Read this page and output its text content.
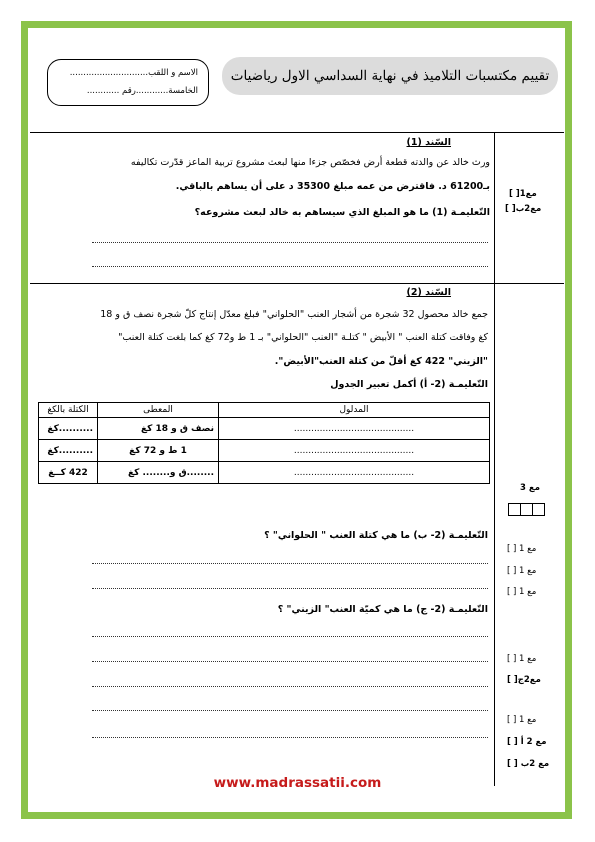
تقييم مكتسبات التلاميذ في نهاية السداسي الاول رياضيات
الاسم و اللقب.............................
الخامسة............رقم ............
السّند (1)
ورث خالد عن والدته قطعة أرض فخصّص جزءا منها لبعث مشروع تربية الماعز قدّرت تكاليفه
بـ61200 د. فاقترض من عمه مبلغ 35300 د على أن يساهم بالباقي.
التّعليمـة (1) ما هو المبلغ الذي سيساهم به خالد لبعث مشروعه؟
مع1[ ]
مع2ب[ ]
السّند (2)
جمع خالد محصول 32 شجرة من أشجار العنب "الحلواني" فبلغ معدّل إنتاج كلّ شجرة نصف ق و 18
كغ وفاقت كتلة العنب " الأبيض " كتلـة "العنب "الحلواني" بـ 1 ط و72 كغ كما بلغت كتلة العنب"
"الزيني" 422 كغ أقلّ من كتلة العنب"الأبيض".
التّعليمـة (2- أ) أكمل تعبير الجدول
المدلول	المعطى	الكتلة بالكغ
..........................................	نصف ق و 18 كغ	..........كغ
..........................................	1 ط و 72 كغ	..........كغ
..........................................	........ق و........ كغ	422 كــغ
التّعليمـة (2- ب) ما هي كتلة العنب " الحلواني" ؟
التّعليمـة (2- ج) ما هي كميّة العنب" الزيني" ؟
مع 3
مع 1 [ ]
مع 1 [ ]
مع 1 [ ]
مع 1 [ ]
مع2ج[ ]
مع 1 [ ]
مع 2 أ [ ]
مع 2ب [ ]
www.madrassatii.com
